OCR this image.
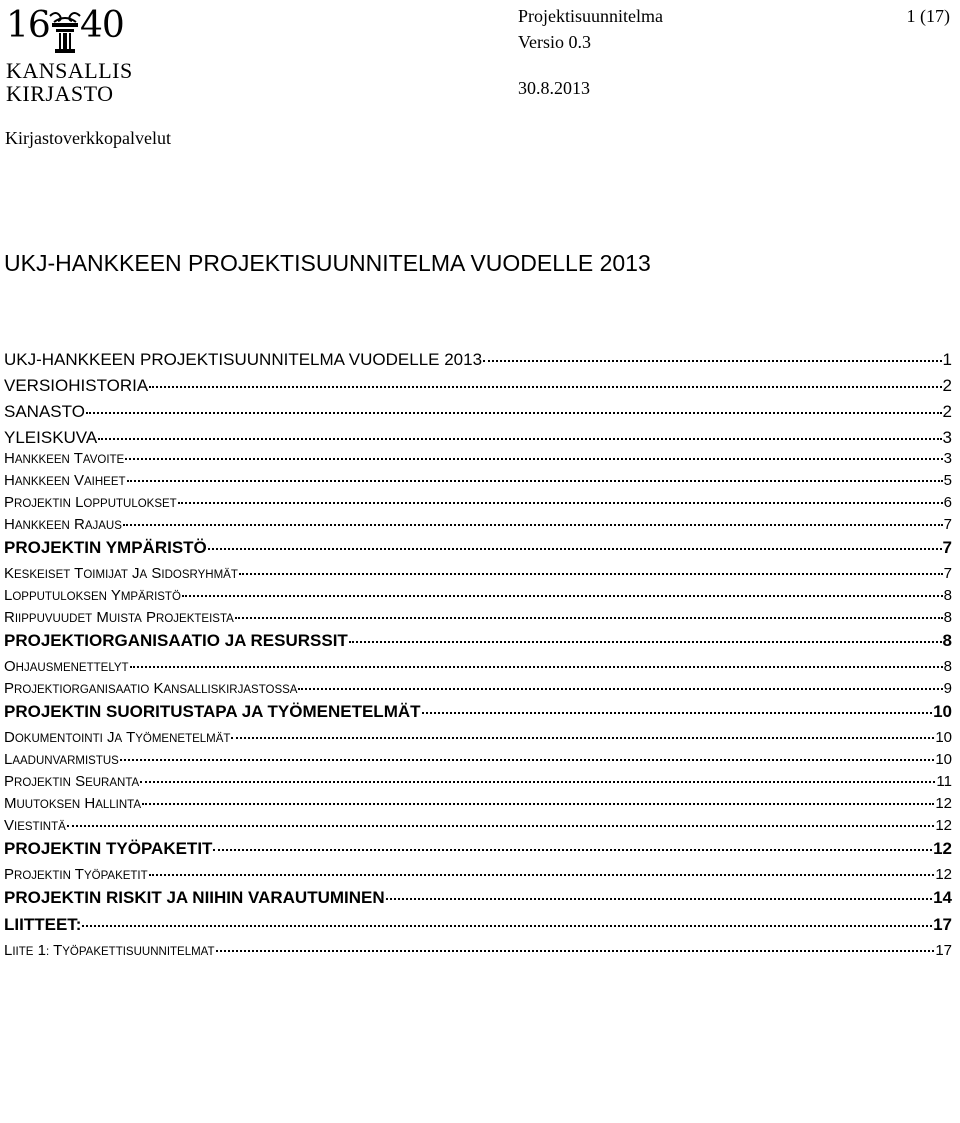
16 40
KANSALLIS
KIRJASTO
Projektisuunnitelma
Versio 0.3
30.8.2013
1 (17)
Kirjastoverkkopalvelut
UKJ-HANKKEEN PROJEKTISUUNNITELMA VUODELLE 2013
UKJ-HANKKEEN PROJEKTISUUNNITELMA VUODELLE 2013	1
VERSIOHISTORIA	2
SANASTO	2
YLEISKUVA	3
HANKKEEN TAVOITE	3
HANKKEEN VAIHEET	5
PROJEKTIN LOPPUTULOKSET	6
HANKKEEN RAJAUS	7
PROJEKTIN YMPÄRISTÖ	7
KESKEISET TOIMIJAT JA SIDOSRYHMÄT	7
LOPPUTULOKSEN YMPÄRISTÖ	8
RIIPPUVUUDET MUISTA PROJEKTEISTA	8
PROJEKTIORGANISAATIO JA RESURSSIT	8
OHJAUSMENETTELYT	8
PROJEKTIORGANISAATIO KANSALLISKIRJASTOSSA	9
PROJEKTIN SUORITUSTAPA JA TYÖMENETELMÄT	10
DOKUMENTOINTI JA TYÖMENETELMÄT	10
LAADUNVARMISTUS	10
PROJEKTIN SEURANTA	11
MUUTOKSEN HALLINTA	12
VIESTINTÄ	12
PROJEKTIN TYÖPAKETIT	12
PROJEKTIN TYÖPAKETIT	12
PROJEKTIN RISKIT JA NIIHIN VARAUTUMINEN	14
LIITTEET:	17
LIITE 1: TYÖPAKETTISUUNNITELMAT	17
